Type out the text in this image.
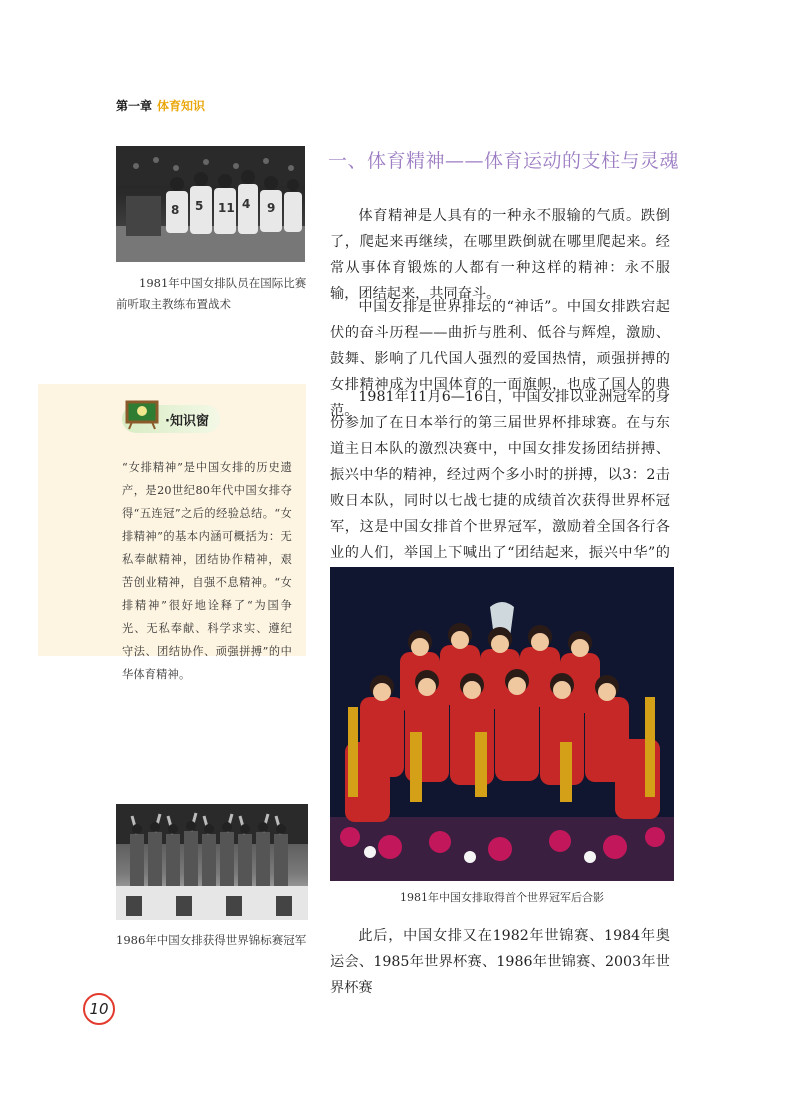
第一章 体育知识
8 5 11 4 9
1981年中国女排队员在国际比赛前听取主教练布置战术
一、体育精神——体育运动的支柱与灵魂
体育精神是人具有的一种永不服输的气质。跌倒了，爬起来再继续，在哪里跌倒就在哪里爬起来。经常从事体育锻炼的人都有一种这样的精神：永不服输，团结起来，共同奋斗。
中国女排是世界排坛的“神话”。中国女排跌宕起伏的奋斗历程——曲折与胜利、低谷与辉煌，激励、鼓舞、影响了几代国人强烈的爱国热情，顽强拼搏的女排精神成为中国体育的一面旗帜，也成了国人的典范。
1981年11月6—16日，中国女排以亚洲冠军的身份参加了在日本举行的第三届世界杯排球赛。在与东道主日本队的激烈决赛中，中国女排发扬团结拼搏、振兴中华的精神，经过两个多小时的拼搏，以3：2击败日本队，同时以七战七捷的成绩首次获得世界杯冠军，这是中国女排首个世界冠军，激励着全国各行各业的人们，举国上下喊出了“团结起来，振兴中华”的
·知识窗
“女排精神”是中国女排的历史遗产，是20世纪80年代中国女排夺得“五连冠”之后的经验总结。“女排精神”的基本内涵可概括为：无私奉献精神，团结协作精神，艰苦创业精神，自强不息精神。“女排精神”很好地诠释了“为国争光、无私奉献、科学求实、遵纪守法、团结协作、顽强拼搏”的中华体育精神。
1981年中国女排取得首个世界冠军后合影
1986年中国女排获得世界锦标赛冠军	此后，中国女排又在1982年世锦赛、1984年奥运会、1985年世界杯赛、1986年世锦赛、2003年世界杯赛
10
